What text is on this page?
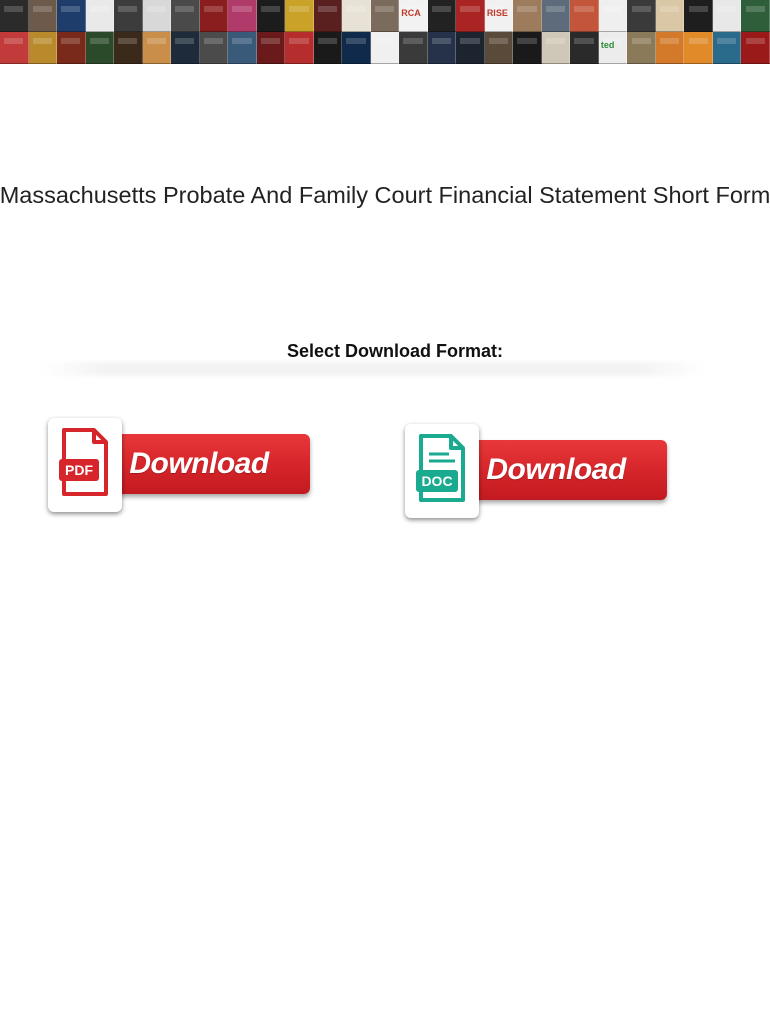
RCA	RISE
ted
Massachusetts Probate And Family Court Financial Statement Short Form
Select Download Format:
Download
PDF	Download
DOC
